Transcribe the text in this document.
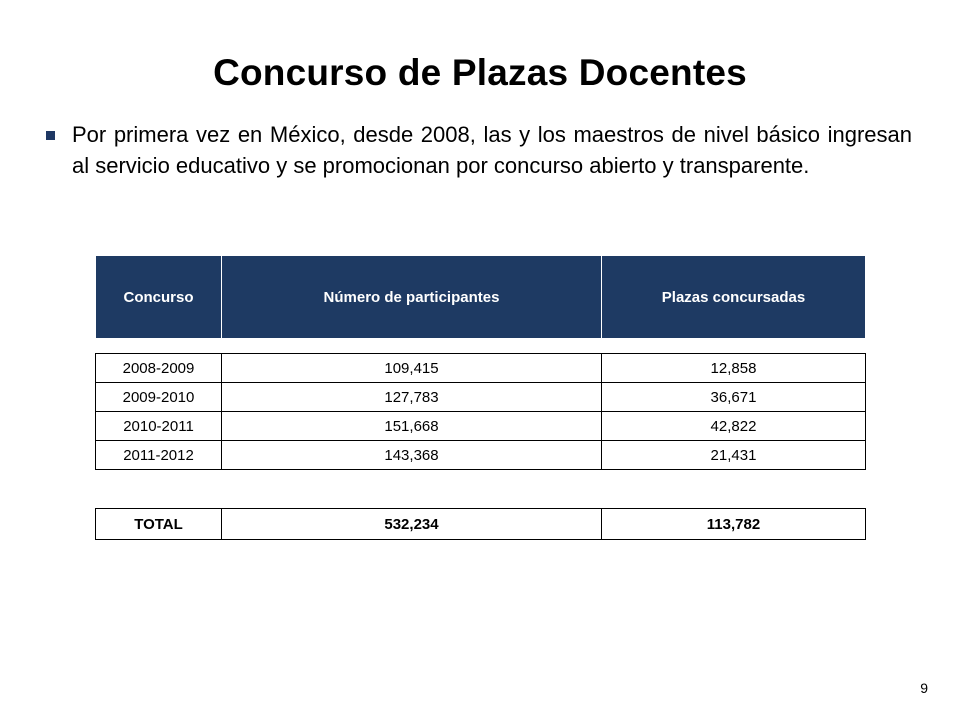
Concurso de Plazas Docentes
Por primera vez en México, desde 2008, las y los maestros de nivel básico ingresan al servicio educativo y se promocionan por concurso abierto y transparente.
Concurso	Número de participantes	Plazas concursadas
2008-2009	109,415	12,858
2009-2010	127,783	36,671
2010-2011	151,668	42,822
2011-2012	143,368	21,431
TOTAL	532,234	113,782
9
